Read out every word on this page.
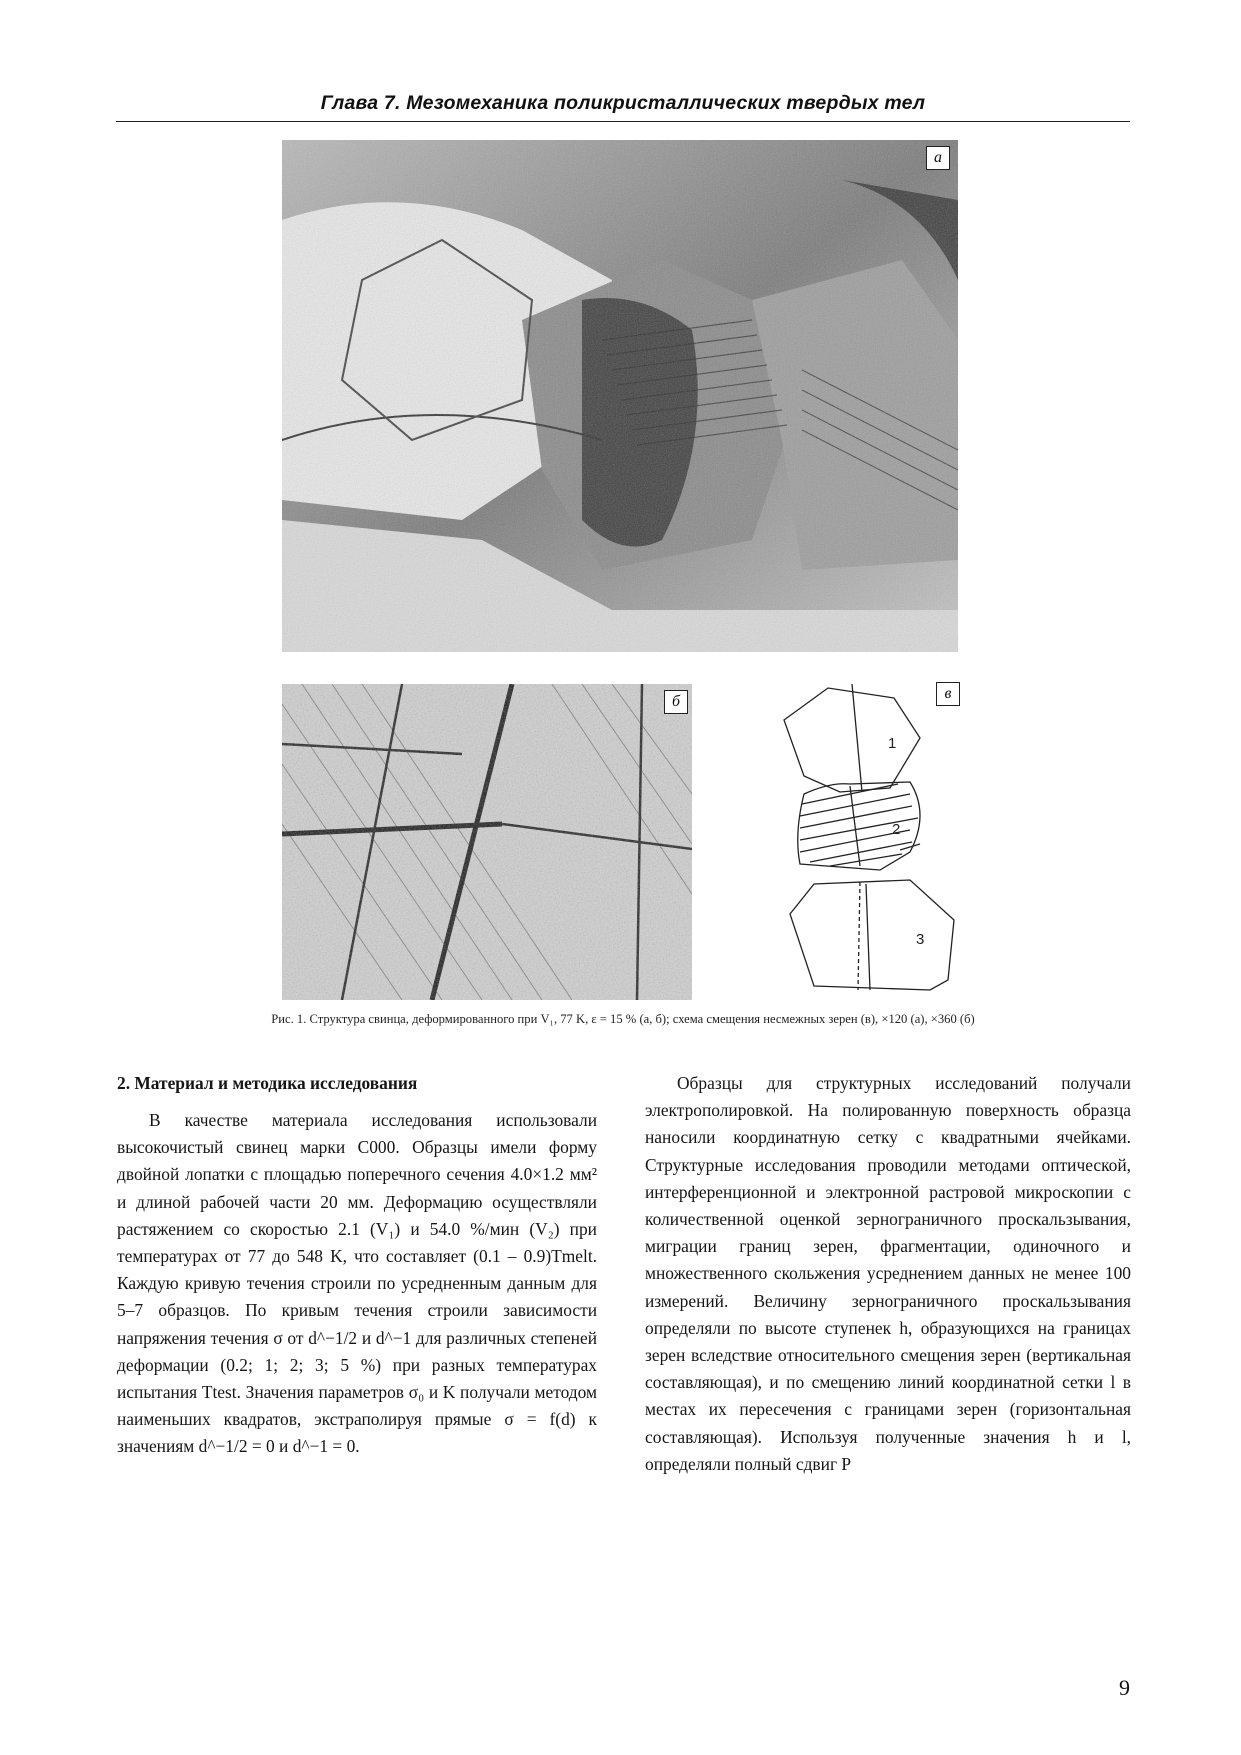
Глава 7. Мезомеханика поликристаллических твердых тел
а
б
1
2
3
в
Рис. 1. Структура свинца, деформированного при V₁, 77 K, ε = 15 % (а, б); схема смещения несмежных зерен (в), ×120 (а), ×360 (б)
2. Материал и методика исследования

В качестве материала исследования использовали высокочистый свинец марки С000. Образцы имели форму двойной лопатки с площадью поперечного сечения 4.0×1.2 мм² и длиной рабочей части 20 мм. Деформацию осуществляли растяжением со скоростью 2.1 (V₁) и 54.0 %/мин (V₂) при температурах от 77 до 548 K, что составляет (0.1 – 0.9)Tmelt. Каждую кривую течения строили по усредненным данным для 5–7 образцов. По кривым течения строили зависимости напряжения течения σ от d^−1/2 и d^−1 для различных степеней деформации (0.2; 1; 2; 3; 5 %) при разных температурах испытания Ttest. Значения параметров σ₀ и K получали методом наименьших квадратов, экстраполируя прямые σ = f(d) к значениям d^−1/2 = 0 и d^−1 = 0.

Образцы для структурных исследований получали электрополировкой. На полированную поверхность образца наносили координатную сетку с квадратными ячейками. Структурные исследования проводили методами оптической, интерференционной и электронной растровой микроскопии с количественной оценкой зернограничного проскальзывания, миграции границ зерен, фрагментации, одиночного и множественного скольжения усреднением данных не менее 100 измерений. Величину зернограничного проскальзывания определяли по высоте ступенек h, образующихся на границах зерен вследствие относительного смещения зерен (вертикальная составляющая), и по смещению линий координатной сетки l в местах их пересечения с границами зерен (горизонтальная составляющая). Используя полученные значения h и l, определяли полный сдвиг P

9
